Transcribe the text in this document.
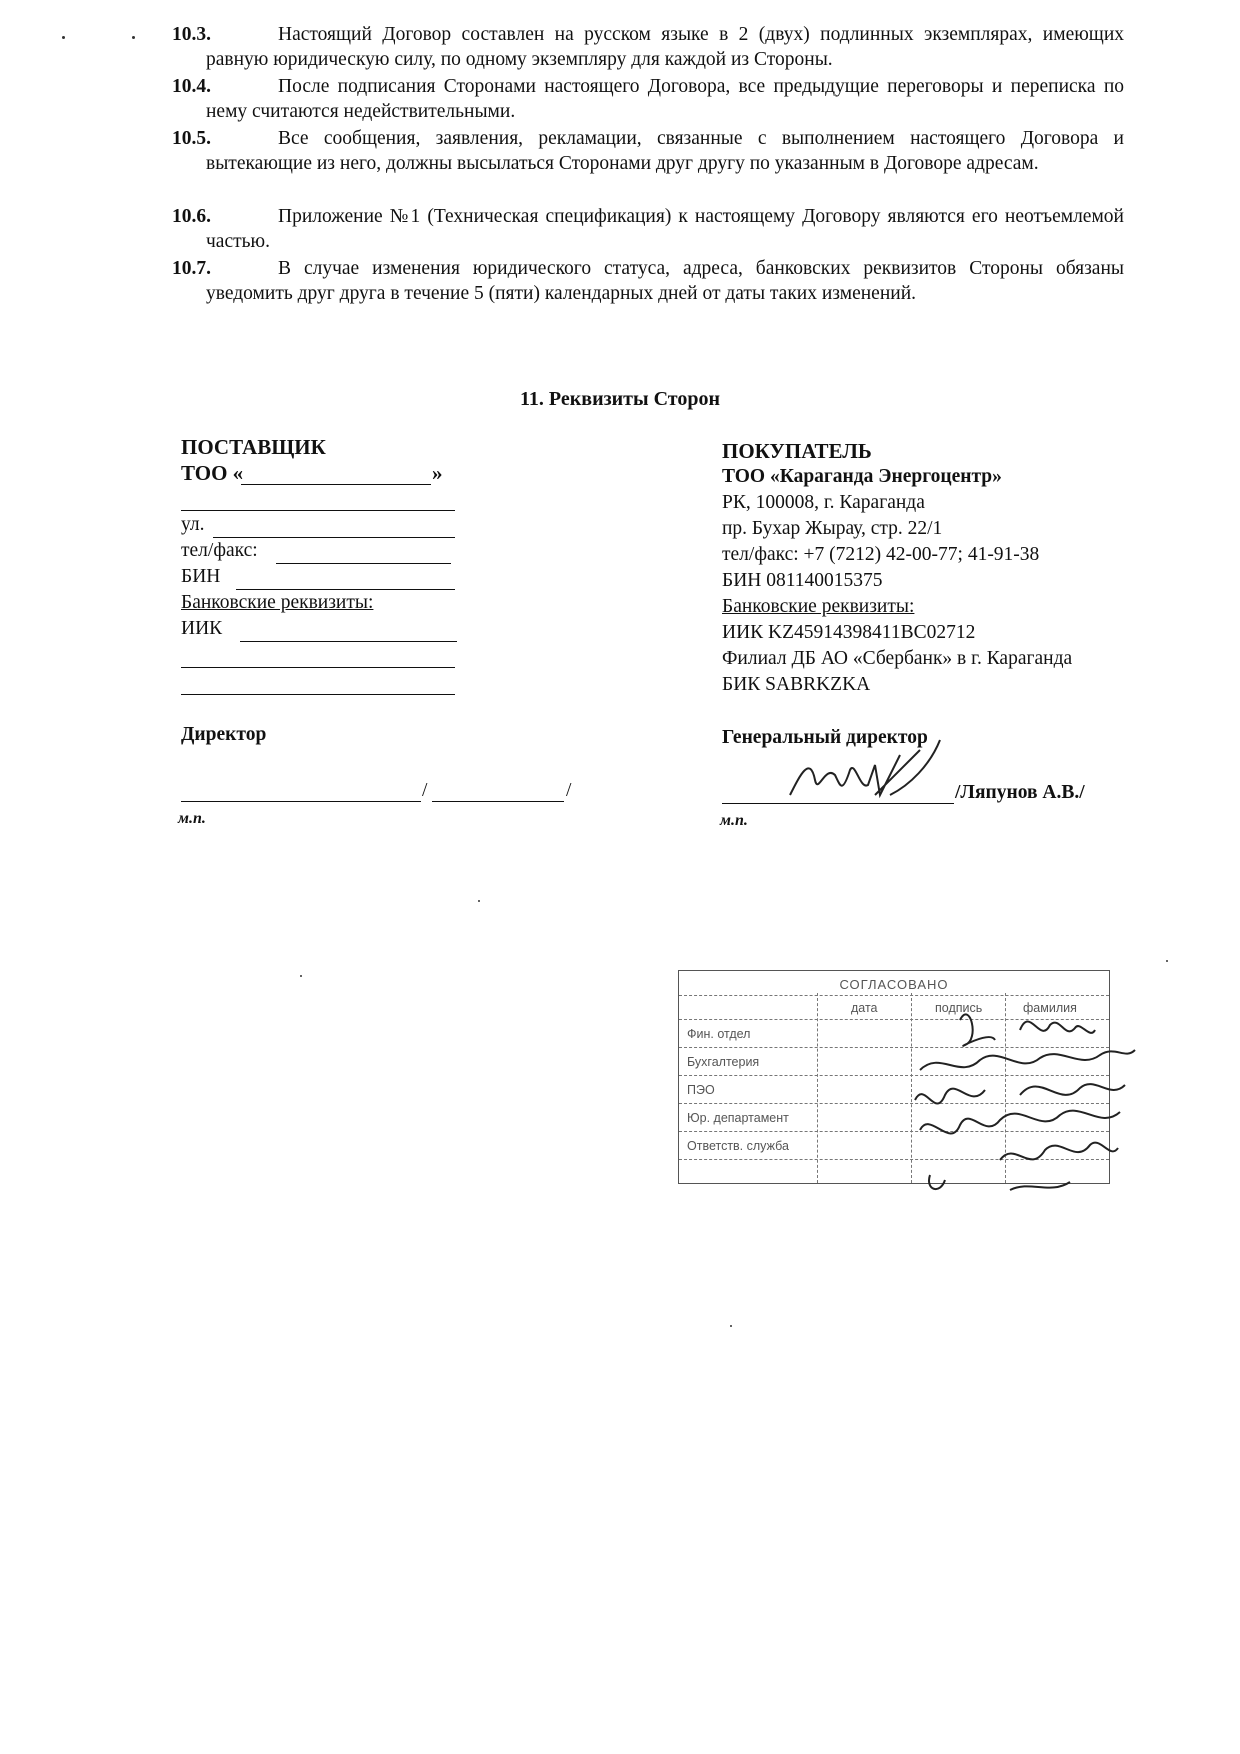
10.3.	Настоящий Договор составлен на русском языке в 2 (двух) подлинных экземплярах, имеющих равную юридическую силу, по одному экземпляру для каждой из Стороны.
10.4.	После подписания Сторонами настоящего Договора, все предыдущие переговоры и переписка по нему считаются недействительными.
10.5.	Все сообщения, заявления, рекламации, связанные с выполнением настоящего Договора и вытекающие из него, должны высылаться Сторонами друг другу по указанным в Договоре адресам.
10.6.	Приложение №1 (Техническая спецификация) к настоящему Договору являются его неотъемлемой частью.
10.7.	В случае изменения юридического статуса, адреса, банковских реквизитов Стороны обязаны уведомить друг друга в течение 5 (пяти) календарных дней от даты таких изменений.
11. Реквизиты Сторон
ПОСТАВЩИК
ТОО «	»
ул.
тел/факс:
БИН
Банковские реквизиты:
ИИК
Директор
/	/
м.п.
ПОКУПАТЕЛЬ
ТОО «Караганда Энергоцентр»
РК, 100008, г. Караганда
пр. Бухар Жырау, стр. 22/1
тел/факс: +7 (7212) 42-00-77; 41-91-38
БИН 081140015375
Банковские реквизиты:
ИИК KZ45914398411BC02712
Филиал ДБ АО «Сбербанк» в г. Караганда
БИК SABRKZKA
Генеральный директор
/Ляпунов А.В./
м.п.
СОГЛАСОВАНО
дата	подпись	фамилия
Фин. отдел
Бухгалтерия
ПЭО
Юр. департамент
Ответств. служба
